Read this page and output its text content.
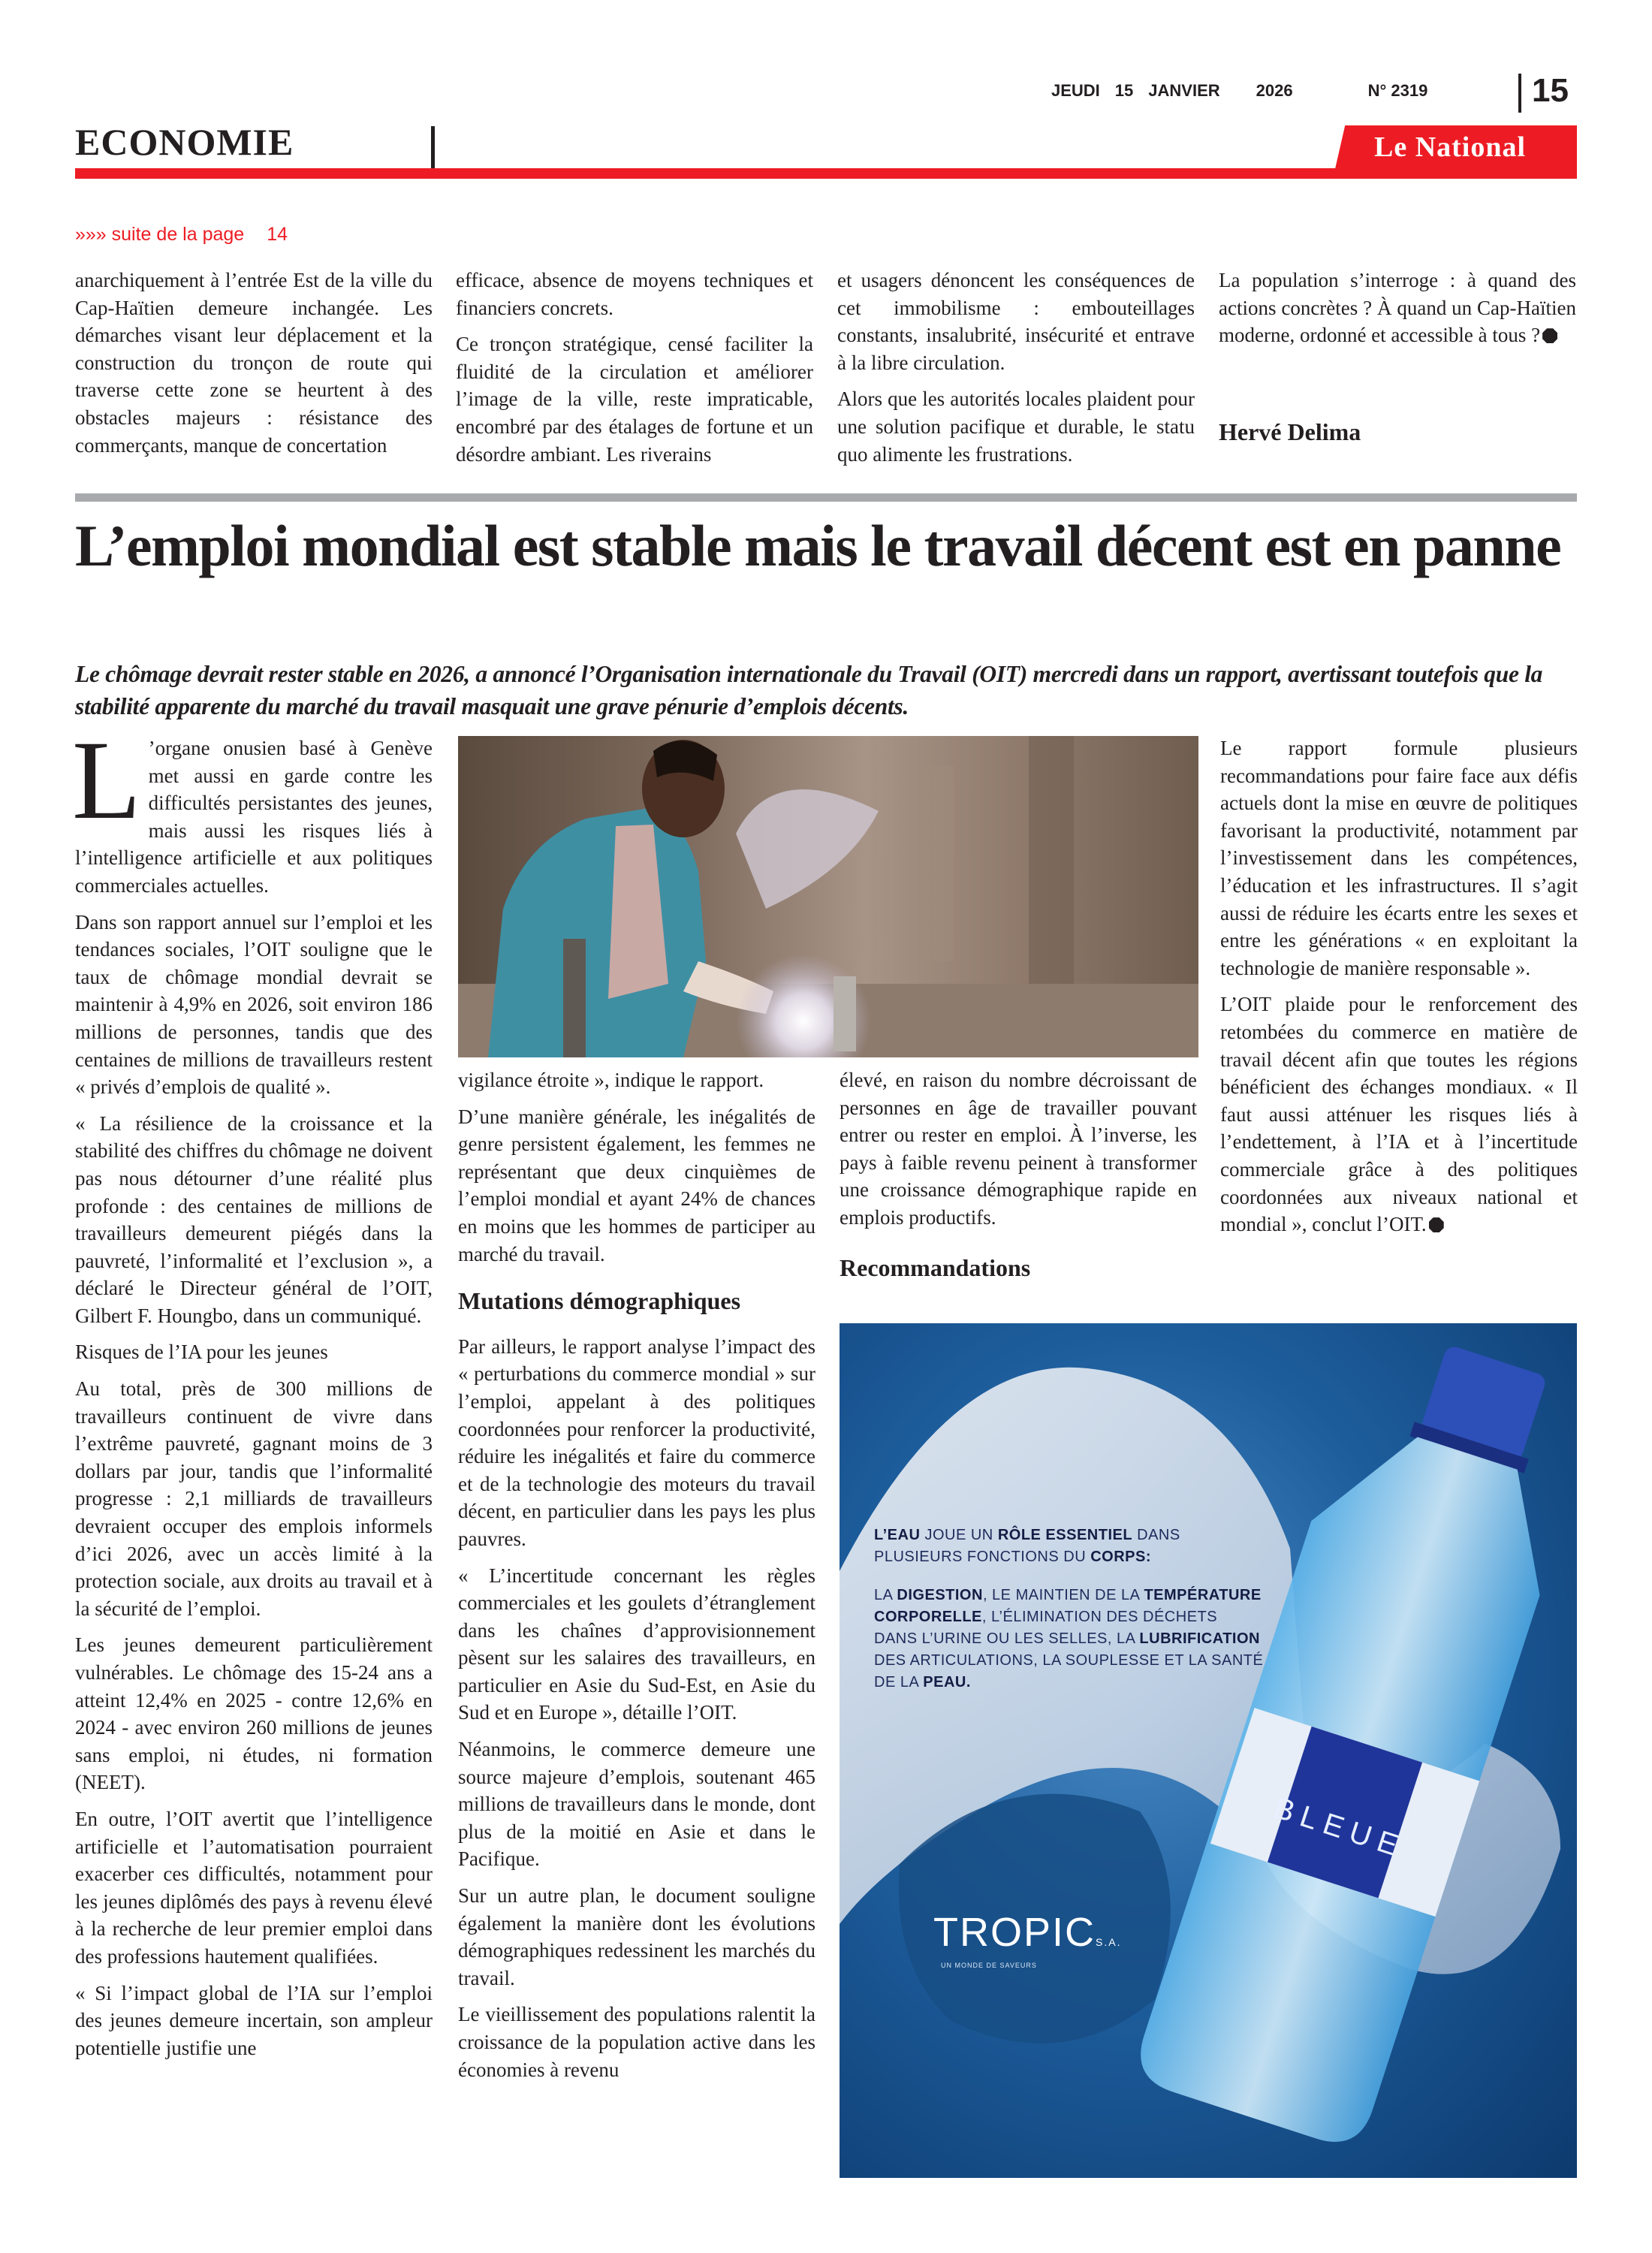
JEUDI 15 JANVIER 2026	N° 2319	15
ECONOMIE	Le National
»»» suite de la page 14

anarchiquement à l’entrée Est de la ville du Cap-Haïtien demeure inchangée. Les démarches visant leur déplacement et la construction du tronçon de route qui traverse cette zone se heurtent à des obstacles majeurs : résistance des commerçants, manque de concertation

efficace, absence de moyens techniques et financiers concrets.

Ce tronçon stratégique, censé faciliter la fluidité de la circulation et améliorer l’image de la ville, reste impraticable, encombré par des étalages de fortune et un désordre ambiant. Les riverains

et usagers dénoncent les conséquences de cet immobilisme : embouteillages constants, insalubrité, insécurité et entrave à la libre circulation.

Alors que les autorités locales plaident pour une solution pacifique et durable, le statu quo alimente les frustrations.

La population s’interroge : à quand des actions concrètes ? À quand un Cap-Haïtien moderne, ordonné et accessible à tous ?

Hervé Delima

L’emploi mondial est stable mais le travail décent est en panne

Le chômage devrait rester stable en 2026, a annoncé l’Organisation internationale du Travail (OIT) mercredi dans un rapport, avertissant toutefois que la stabilité apparente du marché du travail masquait une grave pénurie d’emplois décents.

L ’organe onusien basé à Genève met aussi en garde contre les difficultés persistantes des jeunes, mais aussi les risques liés à l’intelligence artificielle et aux politiques commerciales actuelles.

Dans son rapport annuel sur l’emploi et les tendances sociales, l’OIT souligne que le taux de chômage mondial devrait se maintenir à 4,9% en 2026, soit environ 186 millions de personnes, tandis que des centaines de millions de travailleurs restent « privés d’emplois de qualité ».

« La résilience de la croissance et la stabilité des chiffres du chômage ne doivent pas nous détourner d’une réalité plus profonde : des centaines de millions de travailleurs demeurent piégés dans la pauvreté, l’informalité et l’exclusion », a déclaré le Directeur général de l’OIT, Gilbert F. Houngbo, dans un communiqué.

Risques de l’IA pour les jeunes

Au total, près de 300 millions de travailleurs continuent de vivre dans l’extrême pauvreté, gagnant moins de 3 dollars par jour, tandis que l’informalité progresse : 2,1 milliards de travailleurs devraient occuper des emplois informels d’ici 2026, avec un accès limité à la protection sociale, aux droits au travail et à la sécurité de l’emploi.

Les jeunes demeurent particulièrement vulnérables. Le chômage des 15-24 ans a atteint 12,4% en 2025 - contre 12,6% en 2024 - avec environ 260 millions de jeunes sans emploi, ni études, ni formation (NEET).

En outre, l’OIT avertit que l’intelligence artificielle et l’automatisation pourraient exacerber ces difficultés, notamment pour les jeunes diplômés des pays à revenu élevé à la recherche de leur premier emploi dans des professions hautement qualifiées.

« Si l’impact global de l’IA sur l’emploi des jeunes demeure incertain, son ampleur potentielle justifie une

vigilance étroite », indique le rapport.

D’une manière générale, les inégalités de genre persistent également, les femmes ne représentant que deux cinquièmes de l’emploi mondial et ayant 24% de chances en moins que les hommes de participer au marché du travail.

Mutations démographiques

Par ailleurs, le rapport analyse l’impact des « perturbations du commerce mondial » sur l’emploi, appelant à des politiques coordonnées pour renforcer la productivité, réduire les inégalités et faire du commerce et de la technologie des moteurs du travail décent, en particulier dans les pays les plus pauvres.

« L’incertitude concernant les règles commerciales et les goulets d’étranglement dans les chaînes d’approvisionnement pèsent sur les salaires des travailleurs, en particulier en Asie du Sud-Est, en Asie du Sud et en Europe », détaille l’OIT.

Néanmoins, le commerce demeure une source majeure d’emplois, soutenant 465 millions de travailleurs dans le monde, dont plus de la moitié en Asie et dans le Pacifique.

Sur un autre plan, le document souligne également la manière dont les évolutions démographiques redessinent les marchés du travail.

Le vieillissement des populations ralentit la croissance de la population active dans les économies à revenu

élevé, en raison du nombre décroissant de personnes en âge de travailler pouvant entrer ou rester en emploi. À l’inverse, les pays à faible revenu peinent à transformer une croissance démographique rapide en emplois productifs.

Recommandations

Le rapport formule plusieurs recommandations pour faire face aux défis actuels dont la mise en œuvre de politiques favorisant la productivité, notamment par l’investissement dans les compétences, l’éducation et les infrastructures. Il s’agit aussi de réduire les écarts entre les sexes et entre les générations « en exploitant la technologie de manière responsable ».

L’OIT plaide pour le renforcement des retombées du commerce en matière de travail décent afin que toutes les régions bénéficient des échanges mondiaux. « Il faut aussi atténuer les risques liés à l’endettement, à l’IA et à l’incertitude commerciale grâce à des politiques coordonnées aux niveaux national et mondial », conclut l’OIT.

BLEUE

L’EAU JOUE UN RÔLE ESSENTIEL DANS PLUSIEURS FONCTIONS DU CORPS:

LA DIGESTION, LE MAINTIEN DE LA TEMPÉRATURE CORPORELLE, L’ÉLIMINATION DES DÉCHETS DANS L’URINE OU LES SELLES, LA LUBRIFICATION DES ARTICULATIONS, LA SOUPLESSE ET LA SANTÉ DE LA PEAU.

TROPICS.A.
UN MONDE DE SAVEURS
